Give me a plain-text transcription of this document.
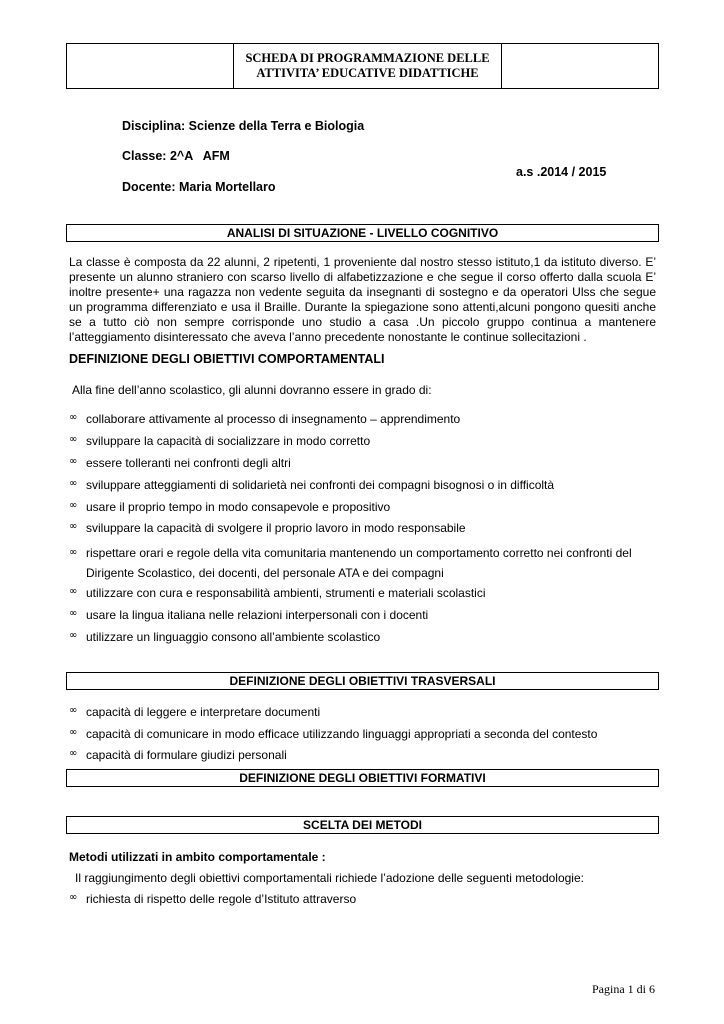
SCHEDA DI PROGRAMMAZIONE DELLE
ATTIVITA’ EDUCATIVE DIDATTICHE
Disciplina: Scienze della Terra e Biologia
Classe: 2^A   AFM
a.s .2014 / 2015
Docente: Maria Mortellaro
ANALISI DI SITUAZIONE - LIVELLO COGNITIVO
La classe è composta da 22 alunni, 2 ripetenti, 1 proveniente dal nostro stesso istituto,1 da istituto diverso. E’
presente un alunno straniero con scarso livello di alfabetizzazione e che segue il corso offerto dalla scuola E’
inoltre presente+ una ragazza non vedente seguita da insegnanti di sostegno e da operatori Ulss che segue
un programma differenziato e usa il Braille. Durante la spiegazione sono attenti,alcuni pongono quesiti anche
se a tutto ciò non sempre corrisponde uno studio a casa .Un piccolo gruppo continua a mantenere
l’atteggiamento disinteressato che aveva l’anno precedente nonostante le continue sollecitazioni .
DEFINIZIONE DEGLI OBIETTIVI COMPORTAMENTALI
Alla fine dell’anno scolastico, gli alunni dovranno essere in grado di:
∞ collaborare attivamente al processo di insegnamento – apprendimento
∞ sviluppare la capacità di socializzare in modo corretto
∞ essere tolleranti nei confronti degli altri
∞ sviluppare atteggiamenti di solidarietà nei confronti dei compagni bisognosi o in difficoltà
∞ usare il proprio tempo in modo consapevole e propositivo
∞ sviluppare la capacità di svolgere il proprio lavoro in modo responsabile
∞ rispettare orari e regole della vita comunitaria mantenendo un comportamento corretto nei confronti del
Dirigente Scolastico, dei docenti, del personale ATA e dei compagni
∞ utilizzare con cura e responsabilità ambienti, strumenti e materiali scolastici
∞ usare la lingua italiana nelle relazioni interpersonali con i docenti
∞ utilizzare un linguaggio consono all’ambiente scolastico
DEFINIZIONE DEGLI OBIETTIVI TRASVERSALI
∞ capacità di leggere e interpretare documenti
∞ capacità di comunicare in modo efficace utilizzando linguaggi appropriati a seconda del contesto
∞ capacità di formulare giudizi personali
DEFINIZIONE DEGLI OBIETTIVI FORMATIVI
SCELTA DEI METODI
Metodi utilizzati in ambito comportamentale :
Il raggiungimento degli obiettivi comportamentali richiede l’adozione delle seguenti metodologie:
∞ richiesta di rispetto delle regole d’Istituto attraverso
Pagina 1 di 6
